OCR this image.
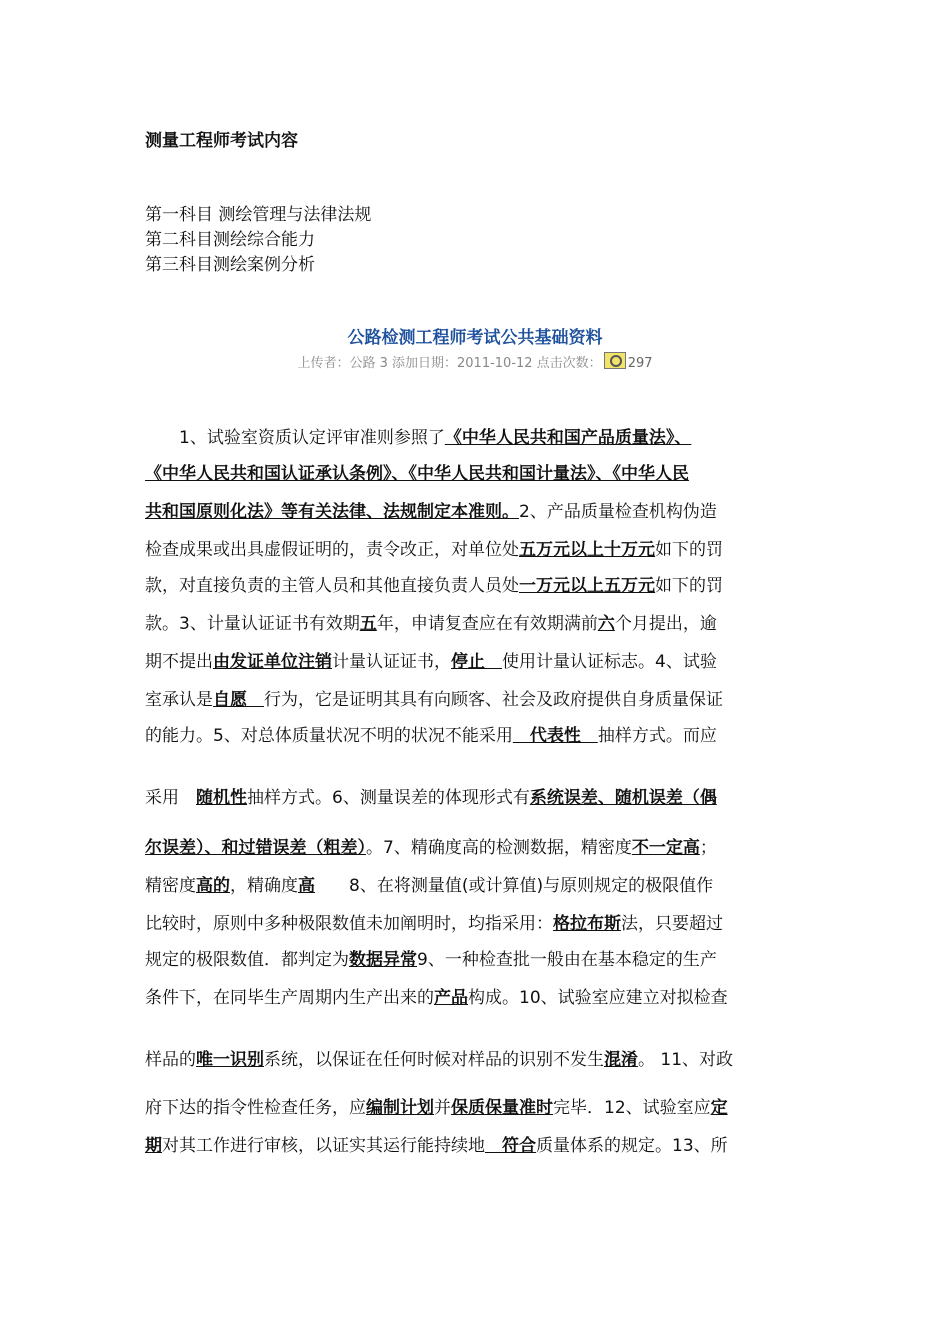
测量工程师考试内容
第一科目 测绘管理与法律法规
第二科目测绘综合能力
第三科目测绘案例分析
公路检测工程师考试公共基础资料
上传者：公路 3 添加日期：2011-10-12 点击次数： 297
　　1、试验室资质认定评审准则参照了《中华人民共和国产品质量法》、
《中华人民共和国认证承认条例》、《中华人民共和国计量法》、《中华人民
共和国原则化法》等有关法律、法规制定本准则。2、产品质量检查机构伪造
检查成果或出具虚假证明的，责令改正，对单位处五万元以上十万元如下的罚
款，对直接负责的主管人员和其他直接负责人员处一万元以上五万元如下的罚
款。3、计量认证证书有效期五年，申请复查应在有效期满前六个月提出，逾
期不提出由发证单位注销计量认证证书，停止　使用计量认证标志。4、试验
室承认是自愿　行为，它是证明其具有向顾客、社会及政府提供自身质量保证
的能力。5、对总体质量状况不明的状况不能采用　代表性　抽样方式。而应
采用　随机性抽样方式。6、测量误差的体现形式有系统误差、随机误差（偶
尔误差）、和过错误差（粗差）。7、精确度高的检测数据，精密度不一定高；
精密度高的，精确度高　　8、在将测量值(或计算值)与原则规定的极限值作
比较时，原则中多种极限数值未加阐明时，均指采用：格拉布斯法，只要超过
规定的极限数值．都判定为数据异常9、一种检查批一般由在基本稳定的生产
条件下，在同毕生产周期内生产出来的产品构成。10、试验室应建立对拟检查
样品的唯一识别系统，以保证在任何时候对样品的识别不发生混淆。 11、对政
府下达的指令性检查任务，应编制计划并保质保量准时完毕．12、试验室应定
期对其工作进行审核，以证实其运行能持续地　符合质量体系的规定。13、所
